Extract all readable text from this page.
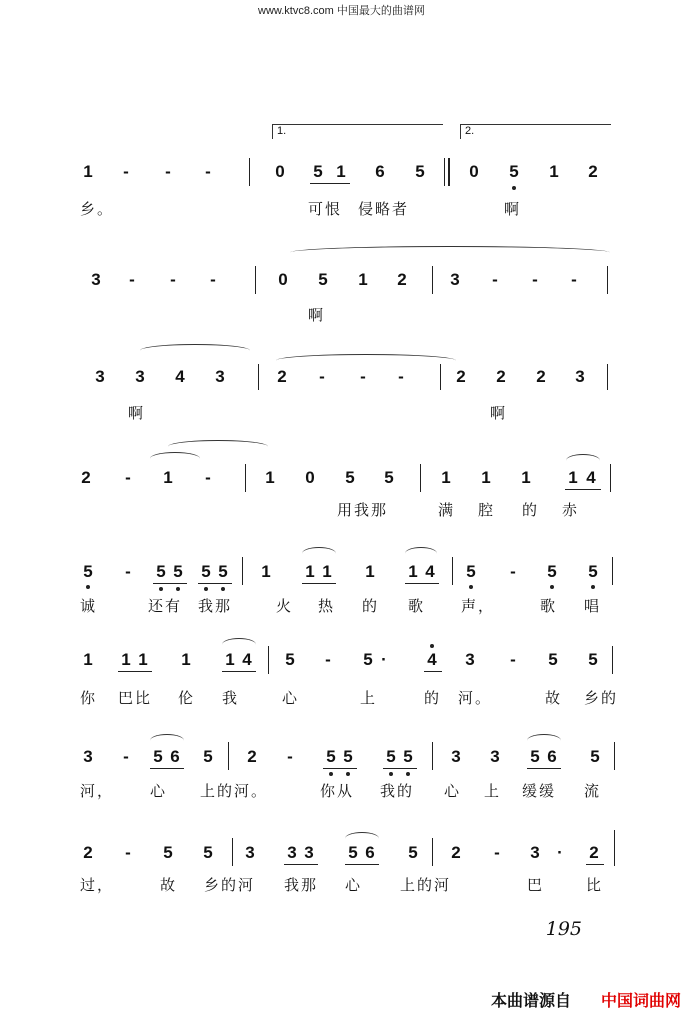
www.ktvc8.com 中国最大的曲谱网
1.	2.
1	-	-	-	0 5 1 6 5	0 5 1 2
乡。	可恨 侵略者	啊
3	-	-	-	0 5 1 2	3	-	-	-
啊
3 3 4 3	2	-	-	-	2 2 2 3
啊	啊
2	-	1	-	1 0 5 5	1 1 1 1 4
用我那	满 腔 的 赤
5	-	5 5 5 5 1 1 1 1 1 4 5	-	5 5
诚	还有 我那	火 热 的 歌 声，	歌 唱
1 1 1 1 1 4 5	-	5 ·	4 3	-	5 5
你 巴比 伦 我	心	上	的 河。	故 乡的
3	-	5 6 5 2	-	5 5 5 5 3 3 5 6 5
河， 心 上的河。	你从 我的 心 上 缓缓 流
2	-	5 5 3 3 3 5 6 5 2	-	3	·	2
过，	故 乡的河 我那 心	上的河	巴	比
195
本曲谱源自 中国词曲网
